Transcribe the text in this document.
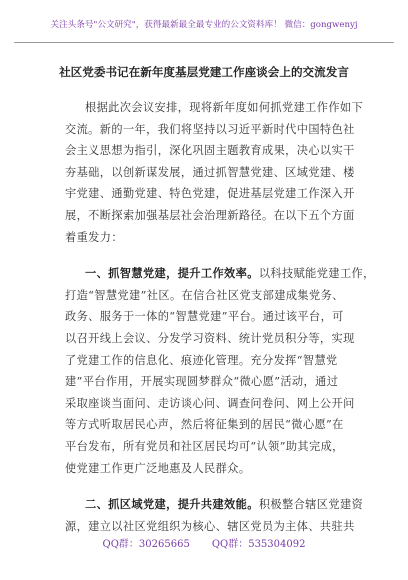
关注头条号"公文研究"，获得最新最全最专业的公文资料库！ 微信：gongwenyj
社区党委书记在新年度基层党建工作座谈会上的交流发言
根据此次会议安排，现将新年度如何抓党建工作作如下
交流。新的一年，我们将坚持以习近平新时代中国特色社
会主义思想为指引，深化巩固主题教育成果，决心以实干
夯基础，以创新谋发展，通过抓智慧党建、区域党建、楼
宇党建、通勤党建、特色党建，促进基层党建工作深入开
展，不断探索加强基层社会治理新路径。在以下五个方面
着重发力：
一、抓智慧党建，提升工作效率。以科技赋能党建工作，
打造“智慧党建”社区。在信合社区党支部建成集党务、
政务、服务于一体的“智慧党建”平台。通过该平台，可
以召开线上会议、分发学习资料、统计党员积分等，实现
了党建工作的信息化、痕迹化管理。充分发挥“智慧党
建”平台作用，开展实现圆梦群众“微心愿”活动，通过
采取座谈当面问、走访谈心问、调查问卷问、网上公开问
等方式听取居民心声，然后将征集到的居民“微心愿”在
平台发布，所有党员和社区居民均可“认领”助其完成，
使党建工作更广泛地惠及人民群众。
二、抓区域党建，提升共建效能。积极整合辖区党建资
源，建立以社区党组织为核心、辖区党员为主体、共驻共
QQ群：30265665 QQ群：535304092
